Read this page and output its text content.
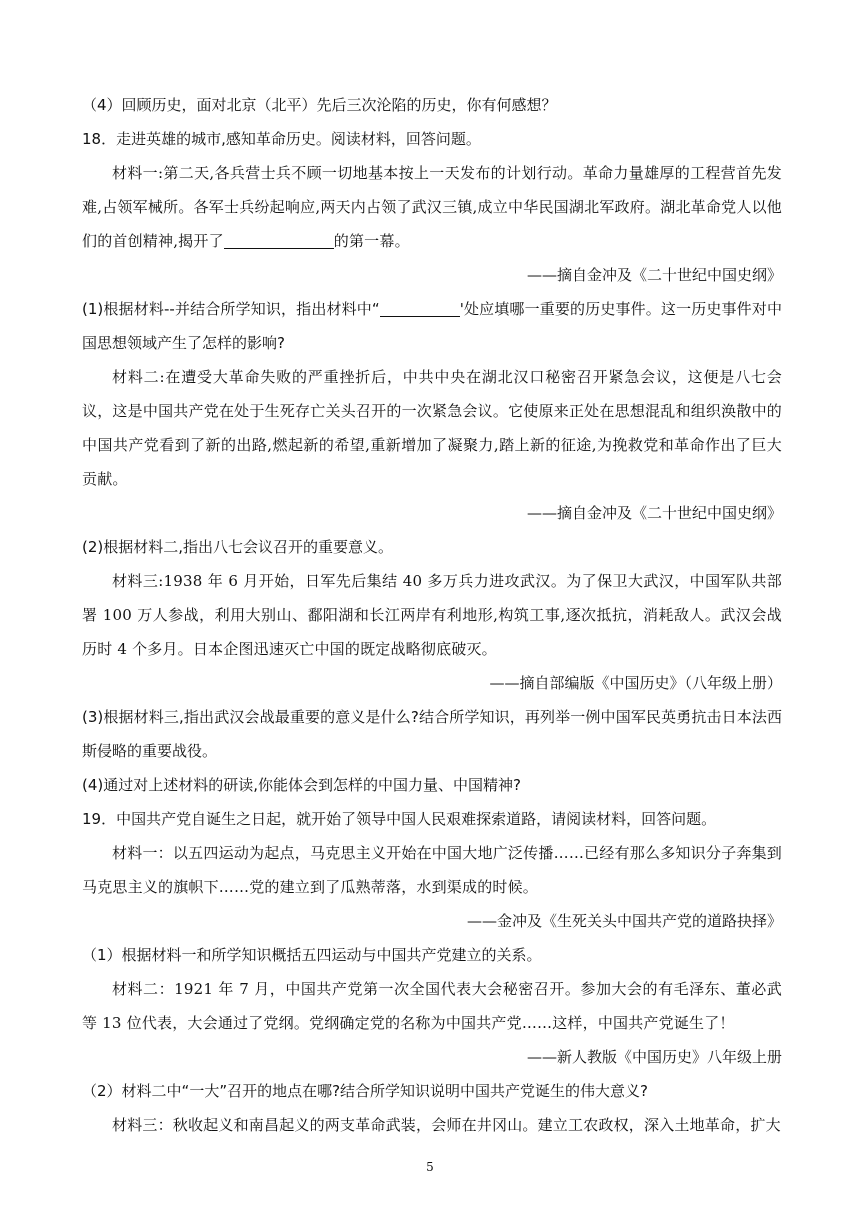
（4）回顾历史，面对北京（北平）先后三次沦陷的历史，你有何感想？

18．走进英雄的城市,感知革命历史。阅读材料，回答问题。

材料一:第二天,各兵营士兵不顾一切地基本按上一天发布的计划行动。革命力量雄厚的工程营首先发难,占领军械所。各军士兵纷起响应,两天内占领了武汉三镇,成立中华民国湖北军政府。湖北革命党人以他们的首创精神,揭开了	的第一幕。

——摘自金冲及《二十世纪中国史纲》

(1)根据材料--并结合所学知识，指出材料中“	'处应填哪一重要的历史事件。这一历史事件对中国思想领域产生了怎样的影响?

材料二:在遭受大革命失败的严重挫折后，中共中央在湖北汉口秘密召开紧急会议，这便是八七会议，这是中国共产党在处于生死存亡关头召开的一次紧急会议。它使原来正处在思想混乱和组织涣散中的中国共产党看到了新的出路,燃起新的希望,重新增加了凝聚力,踏上新的征途,为挽救党和革命作出了巨大贡献。

——摘自金冲及《二十世纪中国史纲》

(2)根据材料二,指出八七会议召开的重要意义。

材料三:1938 年 6 月开始，日军先后集结 40 多万兵力进攻武汉。为了保卫大武汉，中国军队共部署 100 万人参战，利用大别山、鄱阳湖和长江两岸有利地形,构筑工事,逐次抵抗，消耗敌人。武汉会战历时 4 个多月。日本企图迅速灭亡中国的既定战略彻底破灭。

——摘自部编版《中国历史》（八年级上册）

(3)根据材料三,指出武汉会战最重要的意义是什么?结合所学知识，再列举一例中国军民英勇抗击日本法西斯侵略的重要战役。

(4)通过对上述材料的研读,你能体会到怎样的中国力量、中国精神?

19．中国共产党自诞生之日起，就开始了领导中国人民艰难探索道路，请阅读材料，回答问题。

材料一：以五四运动为起点，马克思主义开始在中国大地广泛传播……已经有那么多知识分子奔集到马克思主义的旗帜下……党的建立到了瓜熟蒂落，水到渠成的时候。

——金冲及《生死关头中国共产党的道路抉择》

（1）根据材料一和所学知识概括五四运动与中国共产党建立的关系。

材料二：1921 年 7 月，中国共产党第一次全国代表大会秘密召开。参加大会的有毛泽东、董必武等 13 位代表，大会通过了党纲。党纲确定党的名称为中国共产党……这样，中国共产党诞生了！

——新人教版《中国历史》八年级上册

（2）材料二中“一大”召开的地点在哪?结合所学知识说明中国共产党诞生的伟大意义?

材料三：秋收起义和南昌起义的两支革命武装，会师在井冈山。建立工农政权，深入土地革命，扩大

5
